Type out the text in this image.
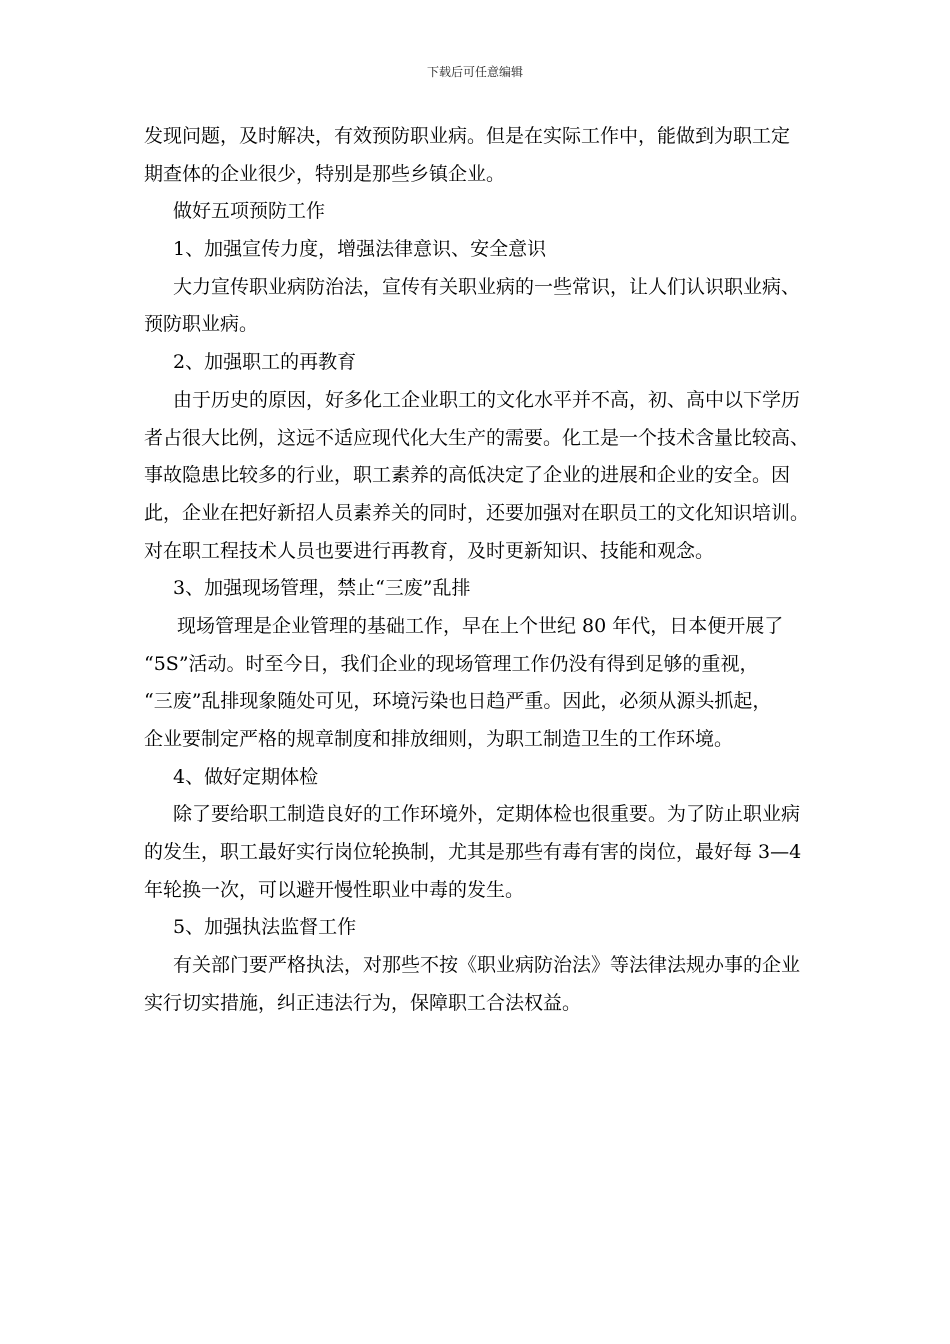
下载后可任意编辑
发现问题，及时解决，有效预防职业病。但是在实际工作中，能做到为职工定
期查体的企业很少，特别是那些乡镇企业。
做好五项预防工作
1、加强宣传力度，增强法律意识、安全意识
大力宣传职业病防治法，宣传有关职业病的一些常识，让人们认识职业病、
预防职业病。
2、加强职工的再教育
由于历史的原因，好多化工企业职工的文化水平并不高，初、高中以下学历
者占很大比例，这远不适应现代化大生产的需要。化工是一个技术含量比较高、
事故隐患比较多的行业，职工素养的高低决定了企业的进展和企业的安全。因
此，企业在把好新招人员素养关的同时，还要加强对在职员工的文化知识培训。
对在职工程技术人员也要进行再教育，及时更新知识、技能和观念。
3、加强现场管理，禁止“三废”乱排
现场管理是企业管理的基础工作，早在上个世纪 80 年代，日本便开展了
“5S”活动。时至今日，我们企业的现场管理工作仍没有得到足够的重视，
“三废”乱排现象随处可见，环境污染也日趋严重。因此，必须从源头抓起，
企业要制定严格的规章制度和排放细则，为职工制造卫生的工作环境。
4、做好定期体检
除了要给职工制造良好的工作环境外，定期体检也很重要。为了防止职业病
的发生，职工最好实行岗位轮换制，尤其是那些有毒有害的岗位，最好每 3—4
年轮换一次，可以避开慢性职业中毒的发生。
5、加强执法监督工作
有关部门要严格执法，对那些不按《职业病防治法》等法律法规办事的企业
实行切实措施，纠正违法行为，保障职工合法权益。
